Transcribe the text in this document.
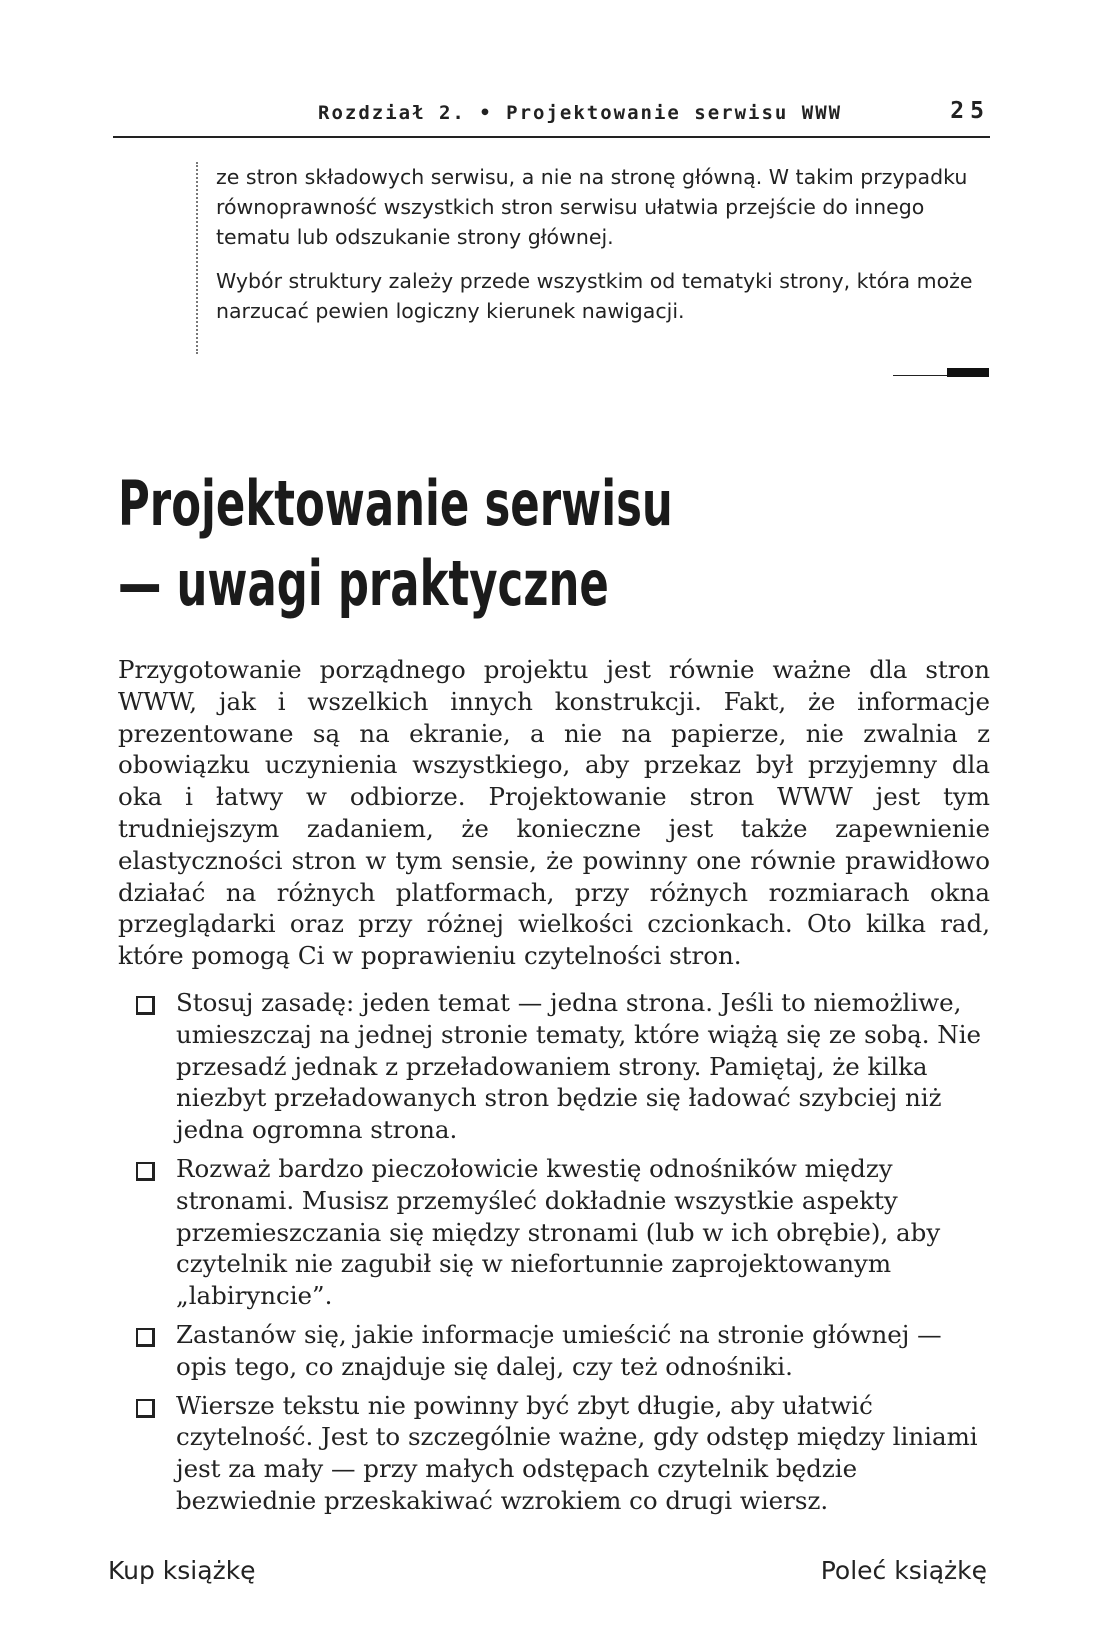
Rozdział 2. • Projektowanie serwisu WWW	25

ze stron składowych serwisu, a nie na stronę główną. W takim przypadku równoprawność wszystkich stron serwisu ułatwia przejście do innego tematu lub odszukanie strony głównej.

Wybór struktury zależy przede wszystkim od tematyki strony, która może narzucać pewien logiczny kierunek nawigacji.

Projektowanie serwisu
— uwagi praktyczne

Przygotowanie porządnego projektu jest równie ważne dla stron WWW, jak i wszelkich innych konstrukcji. Fakt, że informacje prezentowane są na ekranie, a nie na papierze, nie zwalnia z obowiązku uczynienia wszystkiego, aby przekaz był przyjemny dla oka i łatwy w odbiorze. Projektowanie stron WWW jest tym trudniejszym zadaniem, że konieczne jest także zapewnienie elastyczności stron w tym sensie, że powinny one równie prawidłowo działać na różnych platformach, przy różnych rozmiarach okna przeglądarki oraz przy różnej wielkości czcionkach. Oto kilka rad, które pomogą Ci w poprawieniu czytelności stron.

Stosuj zasadę: jeden temat — jedna strona. Jeśli to niemożliwe, umieszczaj na jednej stronie tematy, które wiążą się ze sobą. Nie przesadź jednak z przeładowaniem strony. Pamiętaj, że kilka niezbyt przeładowanych stron będzie się ładować szybciej niż jedna ogromna strona.
Rozważ bardzo pieczołowicie kwestię odnośników między stronami. Musisz przemyśleć dokładnie wszystkie aspekty przemieszczania się między stronami (lub w ich obrębie), aby czytelnik nie zagubił się w niefortunnie zaprojektowanym „labiryncie”.
Zastanów się, jakie informacje umieścić na stronie głównej — opis tego, co znajduje się dalej, czy też odnośniki.
Wiersze tekstu nie powinny być zbyt długie, aby ułatwić czytelność. Jest to szczególnie ważne, gdy odstęp między liniami jest za mały — przy małych odstępach czytelnik będzie bezwiednie przeskakiwać wzrokiem co drugi wiersz.
Kup książkę	Poleć książkę
